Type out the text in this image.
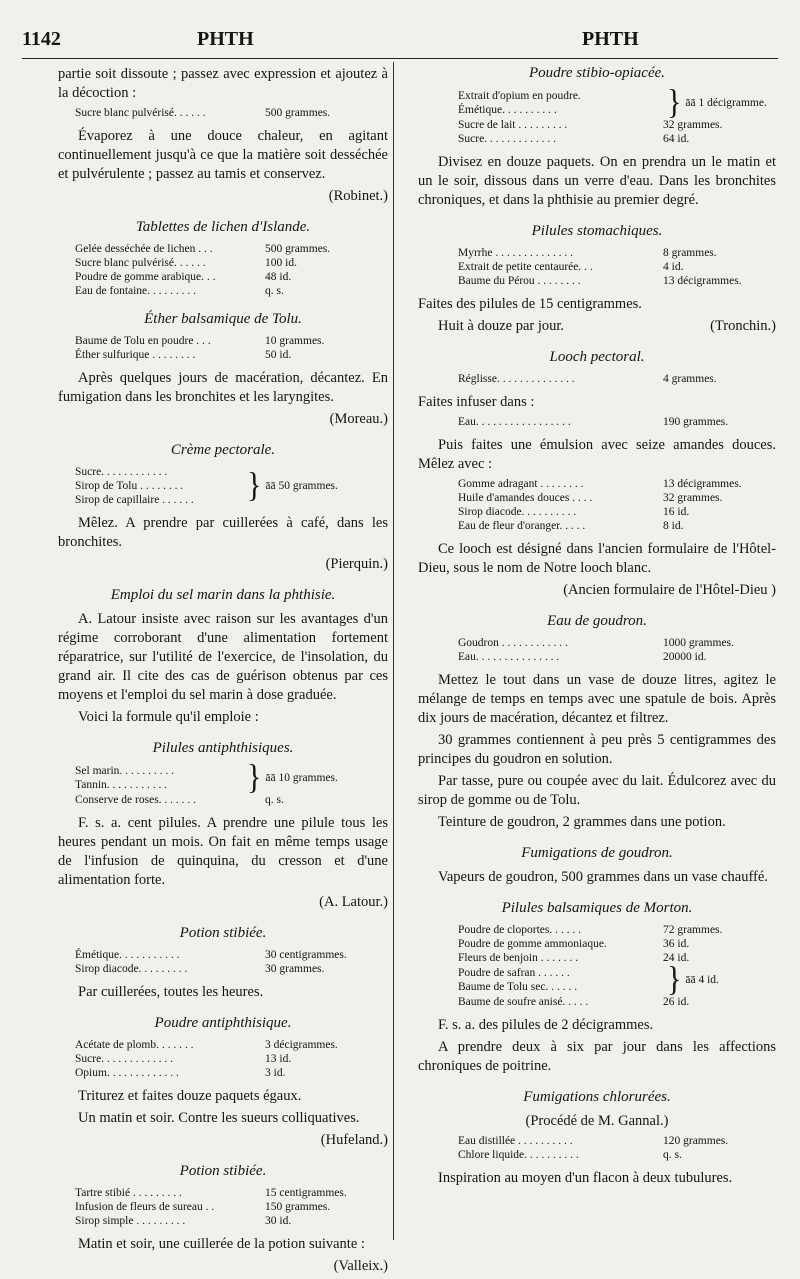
1142	PHTH	PHTH
partie soit dissoute ; passez avec expression et ajoutez à la décoction :
Sucre blanc pulvérisé. . . . . .	500 grammes.
Évaporez à une douce chaleur, en agitant continuellement jusqu'à ce que la matière soit desséchée et pulvérulente ; passez au tamis et conservez.
(Robinet.)
Tablettes de lichen d'Islande.
Gelée desséchée de lichen . . .	500 grammes.
Sucre blanc pulvérisé. . . . . .	100 id.
Poudre de gomme arabique. . .	48 id.
Eau de fontaine. . . . . . . . .	q. s.
Éther balsamique de Tolu.
Baume de Tolu en poudre . . .	10 grammes.
Éther sulfurique . . . . . . . .	50 id.
Après quelques jours de macération, décantez. En fumigation dans les bronchites et les laryngites.
(Moreau.)
Crème pectorale.
Sucre. . . . . . . . . . . .
Sirop de Tolu . . . . . . . .
Sirop de capillaire . . . . . .	} āā 50 grammes.
Mêlez. A prendre par cuillerées à café, dans les bronchites.
(Pierquin.)
Emploi du sel marin dans la phthisie.
A. Latour insiste avec raison sur les avantages d'un régime corroborant d'une alimentation fortement réparatrice, sur l'utilité de l'exercice, de l'insolation, du grand air. Il cite des cas de guérison obtenus par ces moyens et l'emploi du sel marin à dose graduée.
Voici la formule qu'il emploie :
Pilules antiphthisiques.
Sel marin. . . . . . . . . .
Tannin. . . . . . . . . . .	} āā 10 grammes.
Conserve de roses. . . . . . .	q. s.
F. s. a. cent pilules. A prendre une pilule tous les heures pendant un mois. On fait en même temps usage de l'infusion de quinquina, du cresson et d'une alimentation forte.
(A. Latour.)
Potion stibiée.
Émétique. . . . . . . . . . .	30 centigrammes.
Sirop diacode. . . . . . . . .	30 grammes.
Par cuillerées, toutes les heures.
Poudre antiphthisique.
Acétate de plomb. . . . . . .	3 décigrammes.
Sucre. . . . . . . . . . . . .	13 id.
Opium. . . . . . . . . . . . .	3 id.
Triturez et faites douze paquets égaux.
Un matin et soir. Contre les sueurs colliquatives.
(Hufeland.)
Potion stibiée.
Tartre stibié . . . . . . . . .	15 centigrammes.
Infusion de fleurs de sureau . .	150 grammes.
Sirop simple . . . . . . . . .	30 id.
Matin et soir, une cuillerée de la potion suivante :
(Valleix.)
Poudre stibio-opiacée.
Extrait d'opium en poudre.
Émétique. . . . . . . . . .	} āā 1 décigramme.
Sucre de lait . . . . . . . . .	32 grammes.
Sucre. . . . . . . . . . . . .	64 id.
Divisez en douze paquets. On en prendra un le matin et un le soir, dissous dans un verre d'eau. Dans les bronchites chroniques, et dans la phthisie au premier degré.
Pilules stomachiques.
Myrrhe . . . . . . . . . . . . . .	8 grammes.
Extrait de petite centaurée. . .	4 id.
Baume du Pérou . . . . . . . .	13 décigrammes.
Faites des pilules de 15 centigrammes.
Huit à douze par jour.	(Tronchin.)
Looch pectoral.
Réglisse. . . . . . . . . . . . . .	4 grammes.
Faites infuser dans :
Eau. . . . . . . . . . . . . . . . .	190 grammes.
Puis faites une émulsion avec seize amandes douces. Mêlez avec :
Gomme adragant . . . . . . . .	13 décigrammes.
Huile d'amandes douces . . . .	32 grammes.
Sirop diacode. . . . . . . . . .	16 id.
Eau de fleur d'oranger. . . . .	8 id.
Ce looch est désigné dans l'ancien formulaire de l'Hôtel-Dieu, sous le nom de Notre looch blanc.
(Ancien formulaire de l'Hôtel-Dieu )
Eau de goudron.
Goudron . . . . . . . . . . . .	1000 grammes.
Eau. . . . . . . . . . . . . . .	20000 id.
Mettez le tout dans un vase de douze litres, agitez le mélange de temps en temps avec une spatule de bois. Après dix jours de macération, décantez et filtrez.
30 grammes contiennent à peu près 5 centigrammes des principes du goudron en solution.
Par tasse, pure ou coupée avec du lait. Édulcorez avec du sirop de gomme ou de Tolu.
Teinture de goudron, 2 grammes dans une potion.
Fumigations de goudron.
Vapeurs de goudron, 500 grammes dans un vase chauffé.
Pilules balsamiques de Morton.
Poudre de cloportes. . . . . .	72 grammes.
Poudre de gomme ammoniaque.	36 id.
Fleurs de benjoin . . . . . . .	24 id.
Poudre de safran . . . . . .
Baume de Tolu sec. . . . . .	} āā 4 id.
Baume de soufre anisé. . . . .	26 id.
F. s. a. des pilules de 2 décigrammes.
A prendre deux à six par jour dans les affections chroniques de poitrine.
Fumigations chlorurées.
(Procédé de M. Gannal.)
Eau distillée . . . . . . . . . .	120 grammes.
Chlore liquide. . . . . . . . . .	q. s.
Inspiration au moyen d'un flacon à deux tubulures.
